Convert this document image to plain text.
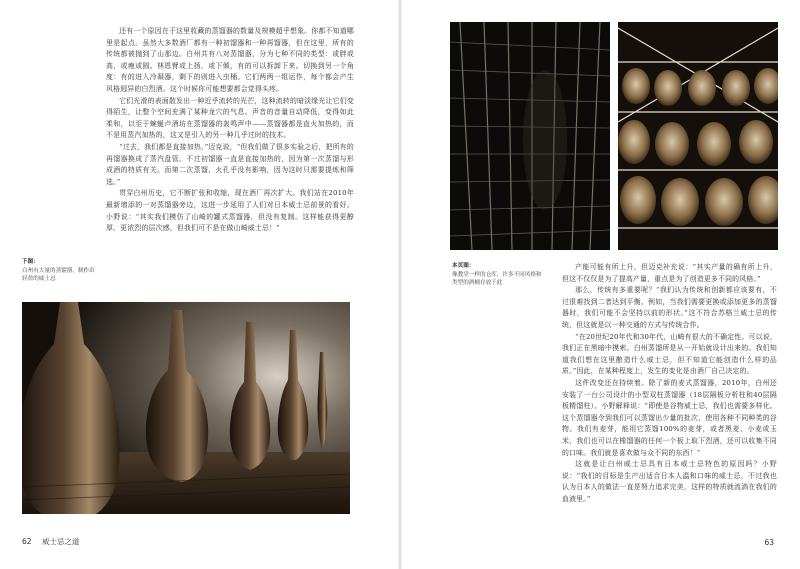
还有一个原因在于这里收藏的蒸馏器的数量及规模超乎想象。你都不知道哪里是起点。虽然大多数酒厂都有一种初馏器和一种再馏器，但在这里，所有的传统都被抛到了山那边。白州共有八对蒸馏器，分为七种不同的类型：或胖或高，或瘦或圆。林恩臂或上扬，或下倾，有的可以拆卸下来。切换到另一个角度：有的进入冷凝器，剩下的则进入虫桶。它们两两一组运作，每个都会产生风格迥异的白烈酒。这个时候你可能想要都会觉得头疼。

它们光滑的表面散发出一种近乎流转的光芒，这种流转的暗淡缘光让它们变得陌生，让整个空间充满了某种龙穴的气息。声音的音量自动降低，变得如此柔和，以至于蜿蜒卢酒坊在蒸馏器的轰鸣声中——蒸馏器都是直火加热的，而不是用蒸汽加热的，这又是引入的另一种几乎过时的技术。

“过去，我们都是直接加热，”迈克说，“但我们做了很多实验之后，把所有的再馏器换成了蒸汽盘管。不过初馏器一直是直接加热的，因为第一次蒸馏与形成酒的特质有关。而第二次蒸馏，火孔乎没有影响，因为这时只需要提炼和筛选。”

贯穿白州历史，它不断扩张和收缩，现在酒厂再次扩大。我们站在2010年最新增添的一对蒸馏器旁边，这进一步延用了人们对日本威士忌前景的看好。小野说：“其实我们模仿了山崎的罐式蒸馏器，但没有复制。这样能获得更醇厚、更浓烈的层次感，但我们可不是在做山崎威士忌！”

下图：
白州有大量的蒸馏器，制作出轻盈的威士忌
62 威士忌之道
本页图：
像教堂一样的仓库，许多不同风格和类型的酒桶存放于此

产能可能有所上升，但迈克补充说：“其实产量的确有所上升，但这不仅仅是为了提高产量，重点是为了创造更多不同的风格。”

那么，传统有多重要呢？“我们认为传统和创新都应该要有，不过很难找到二者达到平衡。例如，当我们需要更换或添加更多的蒸馏器时，我们可能不会坚持以前的形状。”这不符合苏格兰威士忌的传统，但这就是以一种交通的方式与传统合作。

“在20世纪20年代和30年代，山崎有很大的不确定性。可以说，我们正在黑暗中摸索。白州蒸馏所是从一开始就设计出来的。我们知道我们想在这里酿造什么威士忌，但不知道它能创造什么样的品质。”因此，在某种程度上，发生的变化是由酒厂自己决定的。

这件改变还在持续着。除了新的麦式蒸馏器，2010年，白州还安装了一台公司设计的小型双柱蒸馏器（18层隔板分析柱和40层隔板精馏柱）。小野解释说：“即使是谷物威士忌，我们也需要多样化。这个蒸馏器令到我们可以蒸馏出少量的批次，使用各种不同种类的谷物。我们有麦芽，能用它蒸馏100%的麦芽，或者黑麦、小麦或玉米，我们也可以在橡馏器的任何一个板上取下烈酒，还可以收集不同的口味。我们就是喜欢做与众不同的东西！”

这就是让白州威士忌具有日本威士忌特色的原因吗？小野说：“我们的目标是生产出适合日本人温和口味的威士忌，不过我也认为日本人的做法一直是努力追求完美，这样的特质就流淌在我们的血液里。”

63
